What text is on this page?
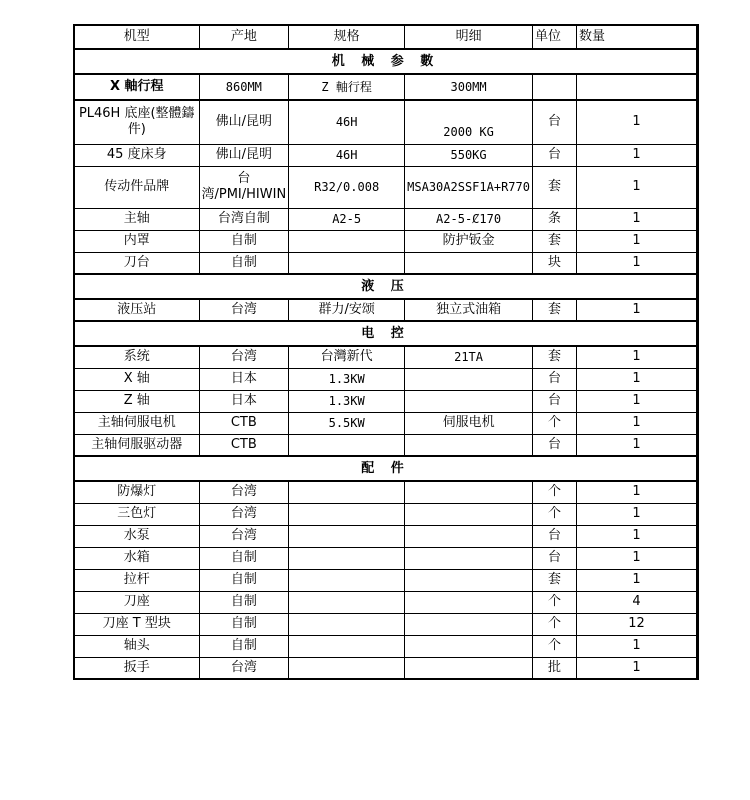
机型	产地	规格	明细	单位	数量
机 械 参 數					
X 軸行程	860MM	Z 軸行程	300MM		
PL46H 底座(整體鑄件)	佛山/昆明	46H	2000 KG	台	1
45 度床身	佛山/昆明	46H	550KG	台	1
传动件品牌	台湾/PMI/HIWIN	R32/0.008	MSA30A2SSF1A+R770	套	1
主轴	台湾自制	A2-5	A2-5-Ȼ170	条	1
内罩	自制		防护钣金	套	1
刀台	自制			块	1
液 压					
液压站	台湾	群力/安颂	独立式油箱	套	1
电 控					
系统	台湾	台灣新代	21TA	套	1
X 轴	日本	1.3KW		台	1
Z 轴	日本	1.3KW		台	1
主轴伺服电机	CTB	5.5KW	伺服电机	个	1
主轴伺服驱动器	CTB			台	1
配 件					
防爆灯	台湾			个	1
三色灯	台湾			个	1
水泵	台湾			台	1
水箱	自制			台	1
拉杆	自制			套	1
刀座	自制			个	4
刀座 T 型块	自制			个	12
轴头	自制			个	1
扳手	台湾			批	1
